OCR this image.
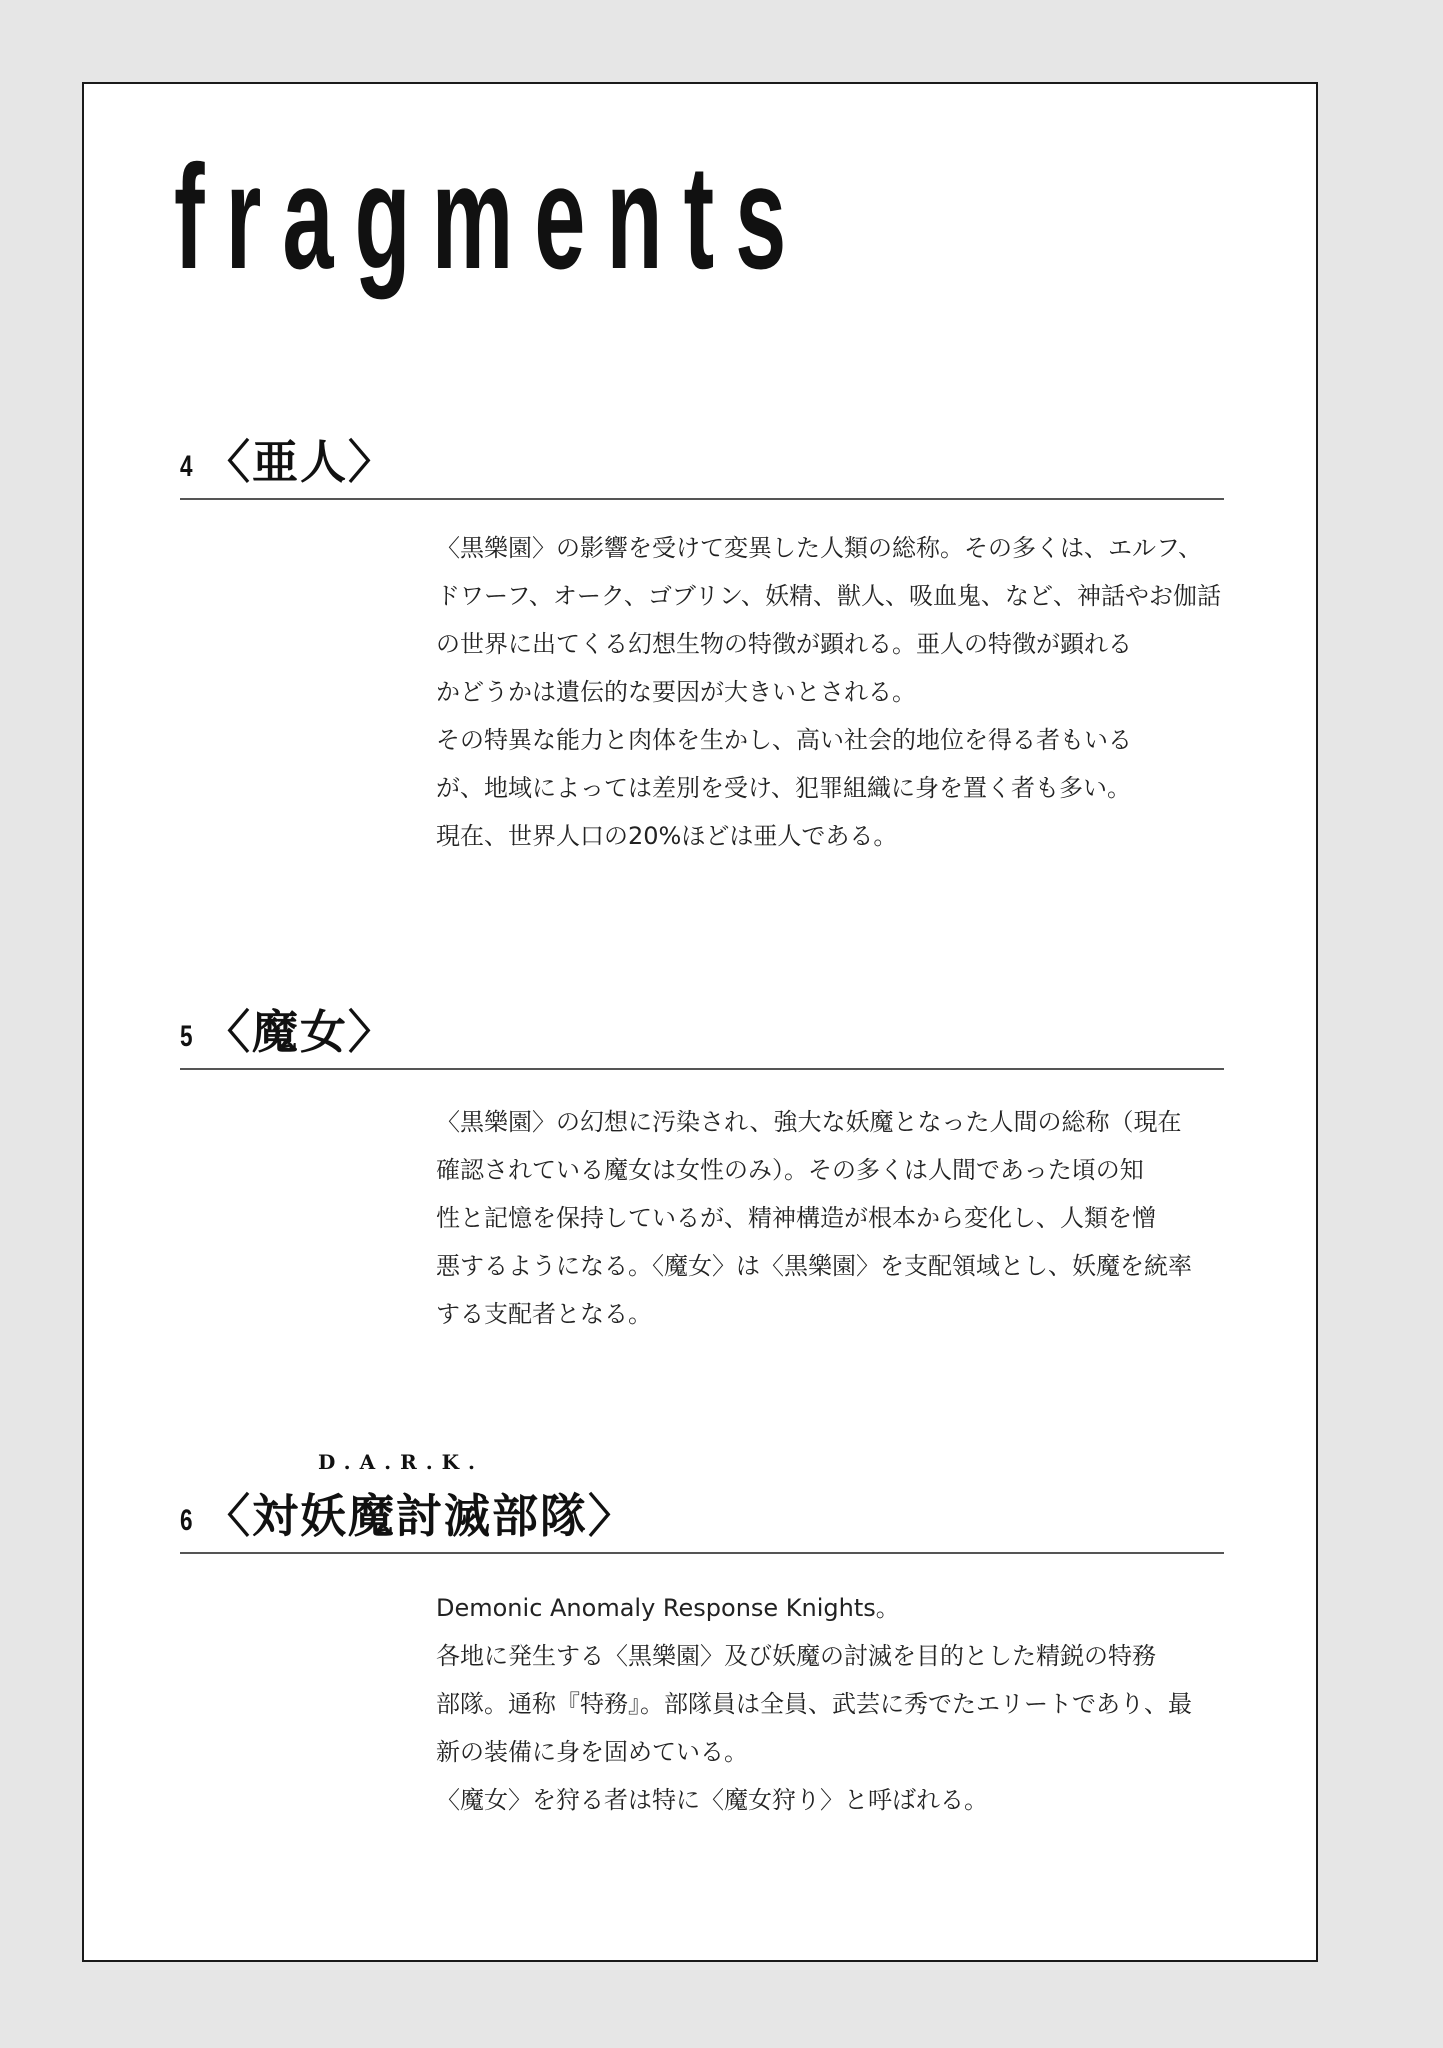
fragments
4 〈亜人〉

〈黒樂園〉の影響を受けて変異した人類の総称。その多くは、エルフ、

ドワーフ、オーク、ゴブリン、妖精、獣人、吸血鬼、など、神話やお伽話

の世界に出てくる幻想生物の特徴が顕れる。亜人の特徴が顕れる

かどうかは遺伝的な要因が大きいとされる。

その特異な能力と肉体を生かし、高い社会的地位を得る者もいる

が、地域によっては差別を受け、犯罪組織に身を置く者も多い。

現在、世界人口の20%ほどは亜人である。

5 〈魔女〉

〈黒樂園〉の幻想に汚染され、強大な妖魔となった人間の総称（現在

確認されている魔女は女性のみ）。その多くは人間であった頃の知

性と記憶を保持しているが、精神構造が根本から変化し、人類を憎

悪するようになる。〈魔女〉は〈黒樂園〉を支配領域とし、妖魔を統率

する支配者となる。

D.A.R.K.
6 〈対妖魔討滅部隊〉

Demonic Anomaly Response Knights。

各地に発生する〈黒樂園〉及び妖魔の討滅を目的とした精鋭の特務

部隊。通称『特務』。部隊員は全員、武芸に秀でたエリートであり、最

新の装備に身を固めている。

〈魔女〉を狩る者は特に〈魔女狩り〉と呼ばれる。
